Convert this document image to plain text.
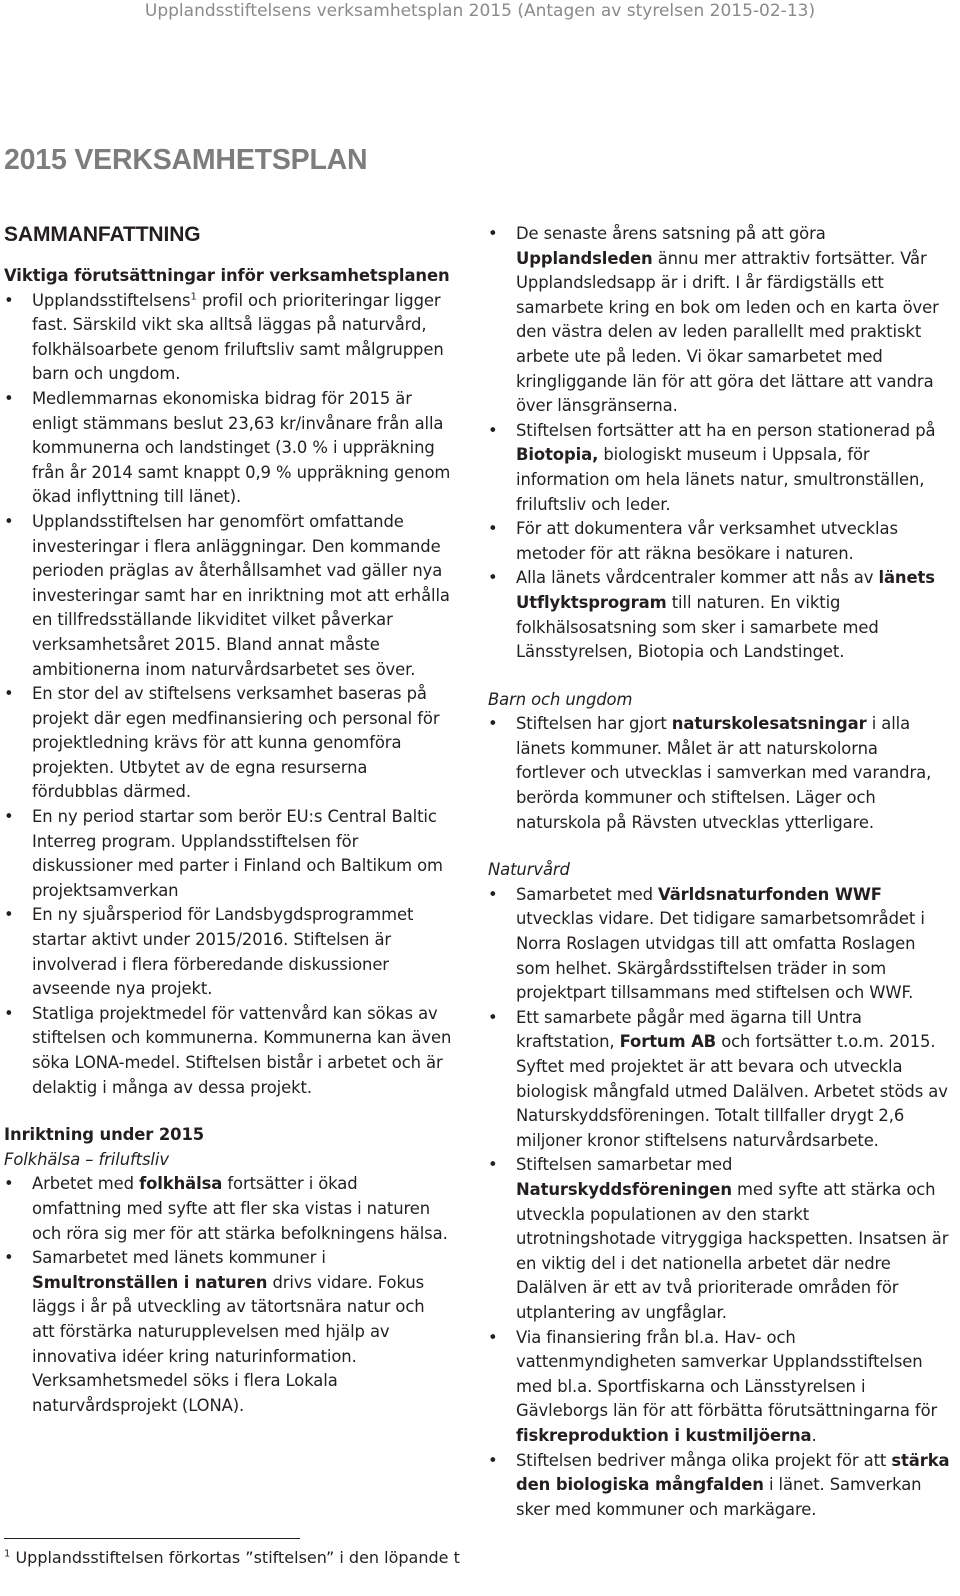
Upplandsstiftelsens verksamhetsplan 2015 (Antagen av styrelsen 2015-02-13)
2015 VERKSAMHETSPLAN
SAMMANFATTNING
Viktiga förutsättningar inför verksamhetsplanen
• Upplandsstiftelsens$^1$ profil och prioriteringar ligger fast. Särskild vikt ska alltså läggas på naturvård, folkhälsoarbete genom friluftsliv samt målgruppen barn och ungdom.
• Medlemmarnas ekonomiska bidrag för 2015 är enligt stämmans beslut 23,63 kr/invånare från alla kommunerna och landstinget (3.0 % i uppräkning från år 2014 samt knappt 0,9 % uppräkning genom ökad inflyttning till länet).
• Upplandsstiftelsen har genomfört omfattande investeringar i flera anläggningar. Den kommande perioden präglas av återhållsamhet vad gäller nya investeringar samt har en inriktning mot att erhålla en tillfredsställande likviditet vilket påverkar verksamhetsåret 2015. Bland annat måste ambitionerna inom naturvårdsarbetet ses över.
• En stor del av stiftelsens verksamhet baseras på projekt där egen medfinansiering och personal för projektledning krävs för att kunna genomföra projekten. Utbytet av de egna resurserna fördubblas därmed.
• En ny period startar som berör EU:s Central Baltic Interreg program. Upplandsstiftelsen för diskussioner med parter i Finland och Baltikum om projektsamverkan
• En ny sjuårsperiod för Landsbygdsprogrammet startar aktivt under 2015/2016. Stiftelsen är involverad i flera förberedande diskussioner avseende nya projekt.
• Statliga projektmedel för vattenvård kan sökas av stiftelsen och kommunerna. Kommunerna kan även söka LONA-medel. Stiftelsen bistår i arbetet och är delaktig i många av dessa projekt.
Inriktning under 2015
Folkhälsa – friluftsliv
• Arbetet med folkhälsa fortsätter i ökad omfattning med syfte att fler ska vistas i naturen och röra sig mer för att stärka befolkningens hälsa.
• Samarbetet med länets kommuner i Smultronställen i naturen drivs vidare. Fokus läggs i år på utveckling av tätortsnära natur och att förstärka naturupplevelsen med hjälp av innovativa idéer kring naturinformation. Verksamhetsmedel söks i flera Lokala naturvårdsprojekt (LONA).
• De senaste årens satsning på att göra Upplandsleden ännu mer attraktiv fortsätter. Vår Upplandsledsapp är i drift. I år färdigställs ett samarbete kring en bok om leden och en karta över den västra delen av leden parallellt med praktiskt arbete ute på leden. Vi ökar samarbetet med kringliggande län för att göra det lättare att vandra över länsgränserna.
• Stiftelsen fortsätter att ha en person stationerad på Biotopia, biologiskt museum i Uppsala, för information om hela länets natur, smultronställen, friluftsliv och leder.
• För att dokumentera vår verksamhet utvecklas metoder för att räkna besökare i naturen.
• Alla länets vårdcentraler kommer att nås av länets Utflyktsprogram till naturen. En viktig folkhälsosatsning som sker i samarbete med Länsstyrelsen, Biotopia och Landstinget.
Barn och ungdom
• Stiftelsen har gjort naturskolesatsningar i alla länets kommuner. Målet är att naturskolorna fortlever och utvecklas i samverkan med varandra, berörda kommuner och stiftelsen. Läger och naturskola på Rävsten utvecklas ytterligare.
Naturvård
• Samarbetet med Världsnaturfonden WWF utvecklas vidare. Det tidigare samarbetsområdet i Norra Roslagen utvidgas till att omfatta Roslagen som helhet. Skärgårdsstiftelsen träder in som projektpart tillsammans med stiftelsen och WWF.
• Ett samarbete pågår med ägarna till Untra kraftstation, Fortum AB och fortsätter t.o.m. 2015. Syftet med projektet är att bevara och utveckla biologisk mångfald utmed Dalälven. Arbetet stöds av Naturskyddsföreningen. Totalt tillfaller drygt 2,6 miljoner kronor stiftelsens naturvårdsarbete.
• Stiftelsen samarbetar med Naturskyddsföreningen med syfte att stärka och utveckla populationen av den starkt utrotningshotade vitryggiga hackspetten. Insatsen är en viktig del i det nationella arbetet där nedre Dalälven är ett av två prioriterade områden för utplantering av ungfåglar.
• Via finansiering från bl.a. Hav- och vattenmyndigheten samverkar Upplandsstiftelsen med bl.a. Sportfiskarna och Länsstyrelsen i Gävleborgs län för att förbätta förutsättningarna för fiskreproduktion i kustmiljöerna.
• Stiftelsen bedriver många olika projekt för att stärka den biologiska mångfalden i länet. Samverkan sker med kommuner och markägare.
$^1$ Upplandsstiftelsen förkortas ”stiftelsen” i den löpande t
